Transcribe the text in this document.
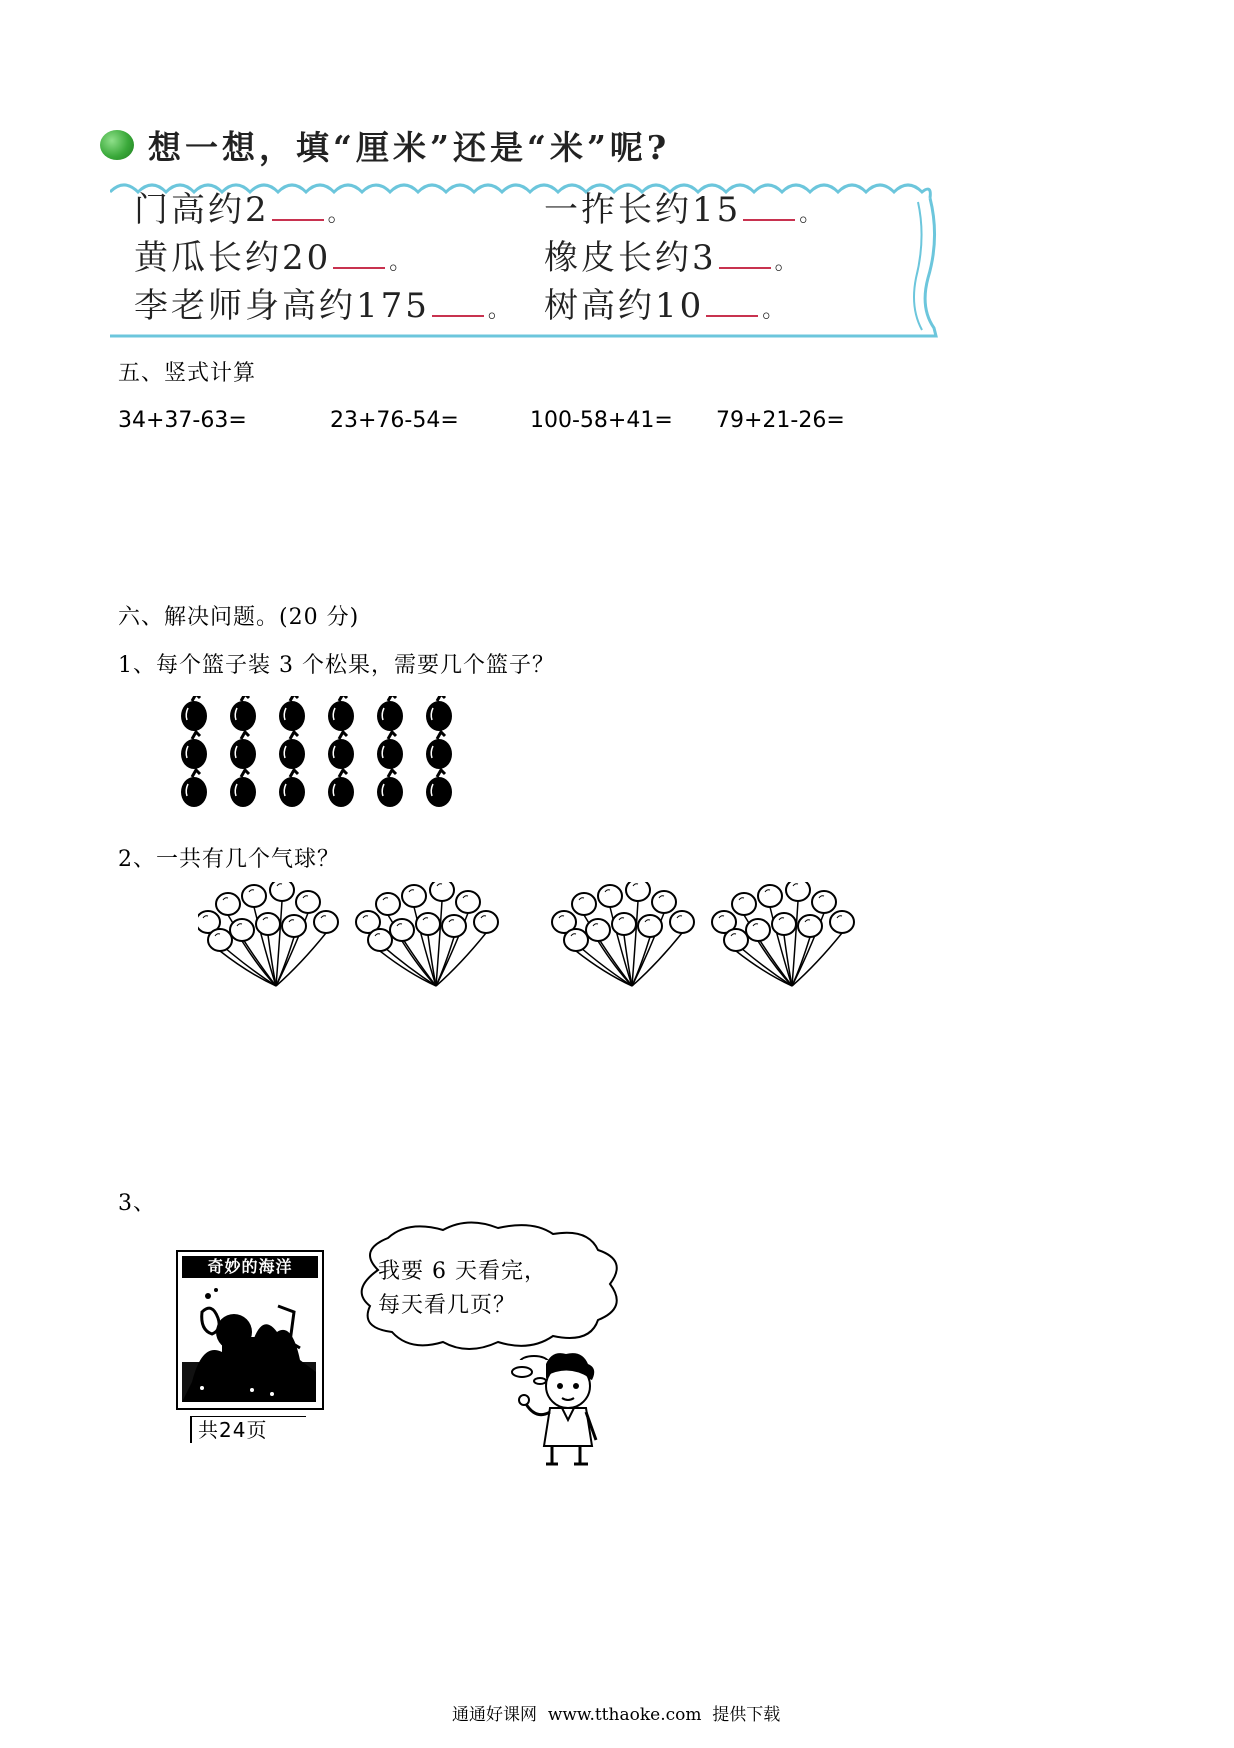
想一想，填“厘米”还是“米”呢?
门高约2	。	一拃长约15	。
黄瓜长约20	。	橡皮长约3	。
李老师身高约175	。 树高约10	。
五、竖式计算
34+37-63=	23+76-54=	100-58+41= 79+21-26=
六、解决问题。(20 分)
1、每个篮子装 3 个松果，需要几个篮子？
2、一共有几个气球？
3、
奇妙的海洋
共24页
我要 6 天看完，
每天看几页？
通通好课网 www.tthaoke.com 提供下载
